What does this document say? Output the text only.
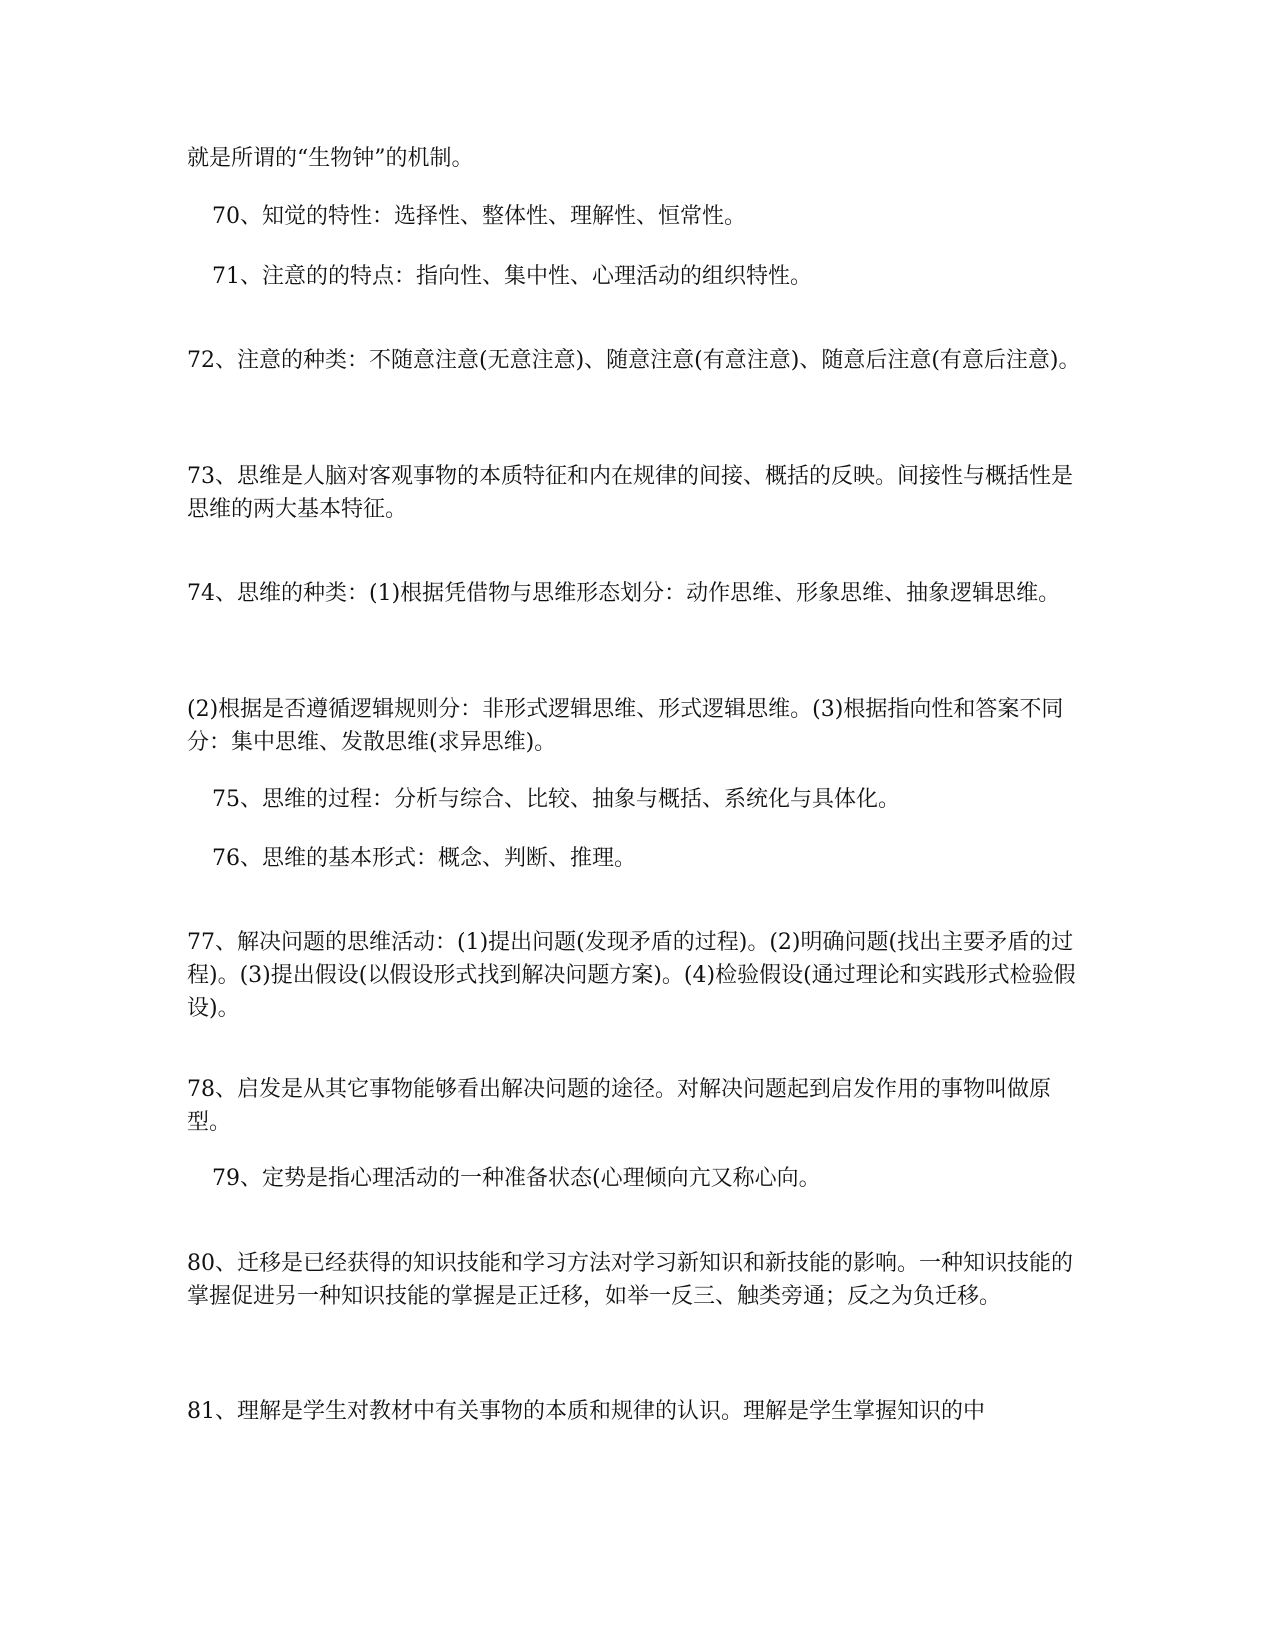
就是所谓的“生物钟”的机制。

70、知觉的特性：选择性、整体性、理解性、恒常性。

71、注意的的特点：指向性、集中性、心理活动的组织特性。

72、注意的种类：不随意注意(无意注意)、随意注意(有意注意)、随意后注意(有意后注意)。

73、思维是人脑对客观事物的本质特征和内在规律的间接、概括的反映。间接性与概括性是思维的两大基本特征。

74、思维的种类：(1)根据凭借物与思维形态划分：动作思维、形象思维、抽象逻辑思维。

(2)根据是否遵循逻辑规则分：非形式逻辑思维、形式逻辑思维。(3)根据指向性和答案不同分：集中思维、发散思维(求异思维)。

75、思维的过程：分析与综合、比较、抽象与概括、系统化与具体化。

76、思维的基本形式：概念、判断、推理。

77、解决问题的思维活动：(1)提出问题(发现矛盾的过程)。(2)明确问题(找出主要矛盾的过程)。(3)提出假设(以假设形式找到解决问题方案)。(4)检验假设(通过理论和实践形式检验假设)。

78、启发是从其它事物能够看出解决问题的途径。对解决问题起到启发作用的事物叫做原型。

79、定势是指心理活动的一种准备状态(心理倾向亢又称心向。

80、迁移是已经获得的知识技能和学习方法对学习新知识和新技能的影响。一种知识技能的掌握促进另一种知识技能的掌握是正迁移，如举一反三、触类旁通；反之为负迁移。

81、理解是学生对教材中有关事物的本质和规律的认识。理解是学生掌握知识的中
